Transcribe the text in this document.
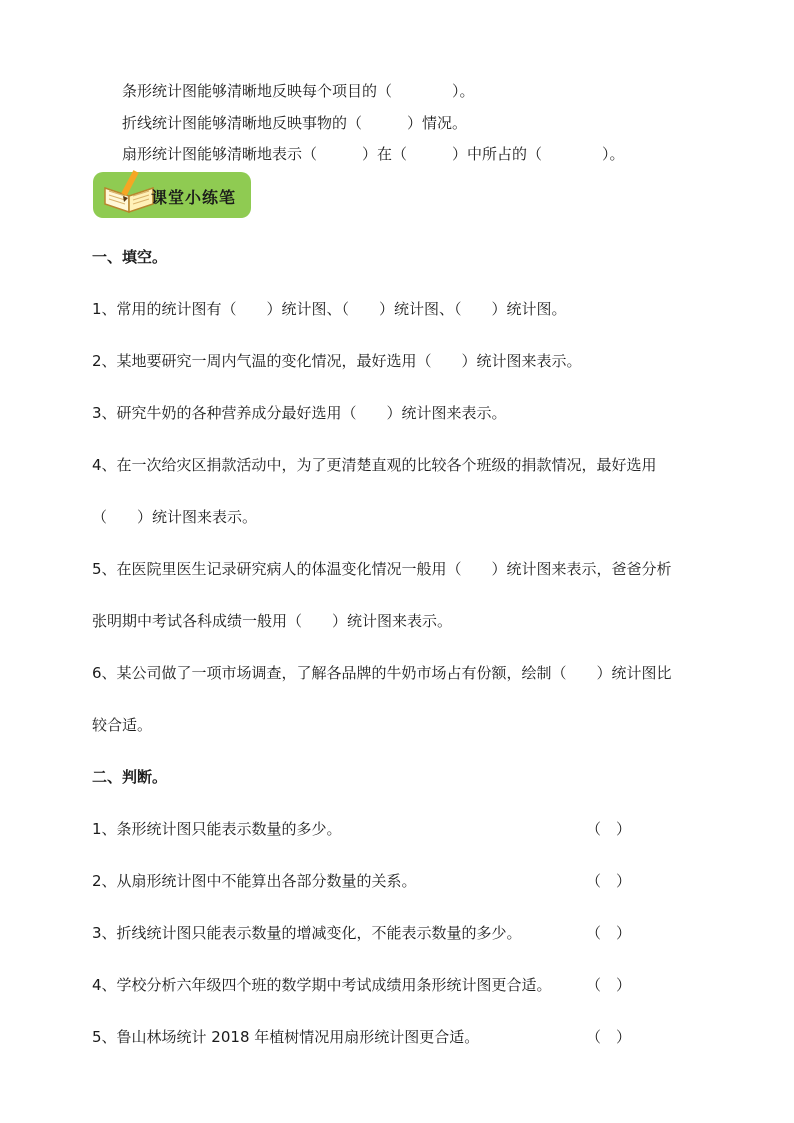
条形统计图能够清晰地反映每个项目的（　　　　）。
折线统计图能够清晰地反映事物的（　　　）情况。
扇形统计图能够清晰地表示（　　　）在（　　　）中所占的（　　　　）。
课堂小练笔
一、填空。
1、常用的统计图有（　　）统计图、（　　）统计图、（　　）统计图。
2、某地要研究一周内气温的变化情况，最好选用（　　）统计图来表示。
3、研究牛奶的各种营养成分最好选用（　　）统计图来表示。
4、在一次给灾区捐款活动中，为了更清楚直观的比较各个班级的捐款情况，最好选用
（　　）统计图来表示。
5、在医院里医生记录研究病人的体温变化情况一般用（　　）统计图来表示，爸爸分析
张明期中考试各科成绩一般用（　　）统计图来表示。
6、某公司做了一项市场调查，了解各品牌的牛奶市场占有份额，绘制（　　）统计图比
较合适。
二、判断。
1、条形统计图只能表示数量的多少。	（　）
2、从扇形统计图中不能算出各部分数量的关系。	（　）
3、折线统计图只能表示数量的增减变化，不能表示数量的多少。	（　）
4、学校分析六年级四个班的数学期中考试成绩用条形统计图更合适。 （　）
5、鲁山林场统计 2018 年植树情况用扇形统计图更合适。	（　）
